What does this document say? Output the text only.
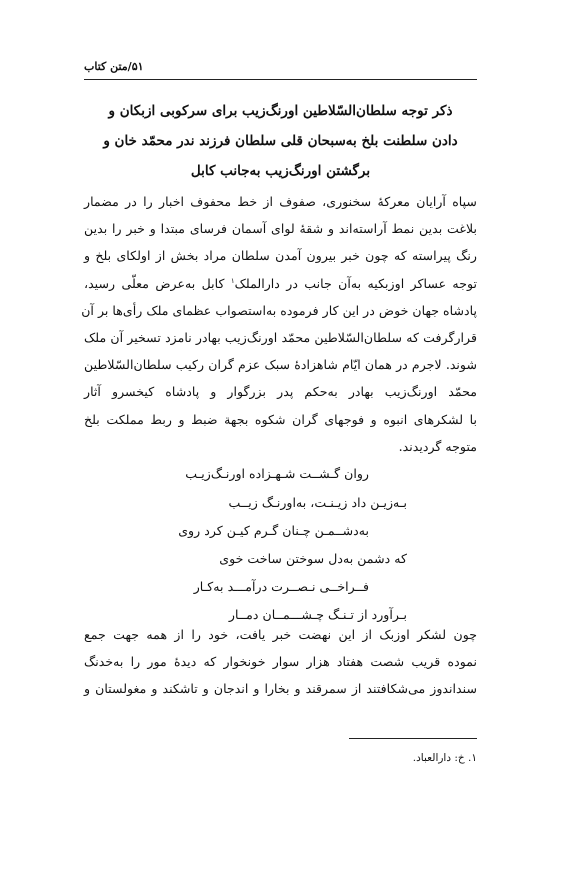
۵۱/متن کتاب
ذکر توجه سلطان‌السّلاطین اورنگ‌زیب برای سرکوبی ازبکان و
دادن سلطنت بلخ به‌سبحان قلی سلطان فرزند ندر محمّد خان و
برگشتن اورنگ‌زیب به‌جانب کابل
سپاه آرایان معرکهٔ سخنوری، صفوف از خط محفوف اخبار را در مضمار
بلاغت بدین نمط آراسته‌اند و شقهٔ لوای آسمان فرسای مبتدا و خبر را بدین
رنگ پیراسته که چون خبر بیرون آمدن سلطان مراد بخش از اولکای بلخ و
توجه عساکر اوزبکیه به‌آن جانب در دارالملک$^۱$ کابل به‌عرض معلّی رسید،
پادشاه جهان خوض در این کار فرموده به‌استصواب عظمای ملک رأی‌ها بر آن
قرارگرفت که سلطان‌السّلاطین محمّد اورنگ‌زیب بهادر نامزد تسخیر آن ملک
شوند. لاجرم در همان ایّام شاهزادهٔ سبک عزم گران رکیب سلطان‌السّلاطین
محمّد اورنگ‌زیب بهادر به‌حکم پدر بزرگوار و پادشاه کیخسرو آثار
با لشکرهای انبوه و فوجهای گران شکوه بجهة ضبط و ربط مملکت بلخ
متوجه گردیدند.
روان گـشــت شـهـزاده اورنـگ‌زیـب
بـه‌زیـن داد زیـنـت، به‌اورنـگ زیــب
به‌دشــمـن چـنان گـرم کیـن کرد روی
که دشمن به‌دل سوختن ساخت خوی
فــراخــی نـصــرت درآمـــد به‌کـار
بـرآورد از تـنـگ چـشـــمــان دمــار
چون لشکر اوزبک از این نهضت خبر یافت، خود را از همه جهت جمع
نموده قریب شصت هفتاد هزار سوار خونخوار که دیدهٔ مور را به‌خدنگ
سنداندوز می‌شکافتند از سمرقند و بخارا و اندجان و تاشکند و مغولستان و
۱. خ: دارالعباد.
